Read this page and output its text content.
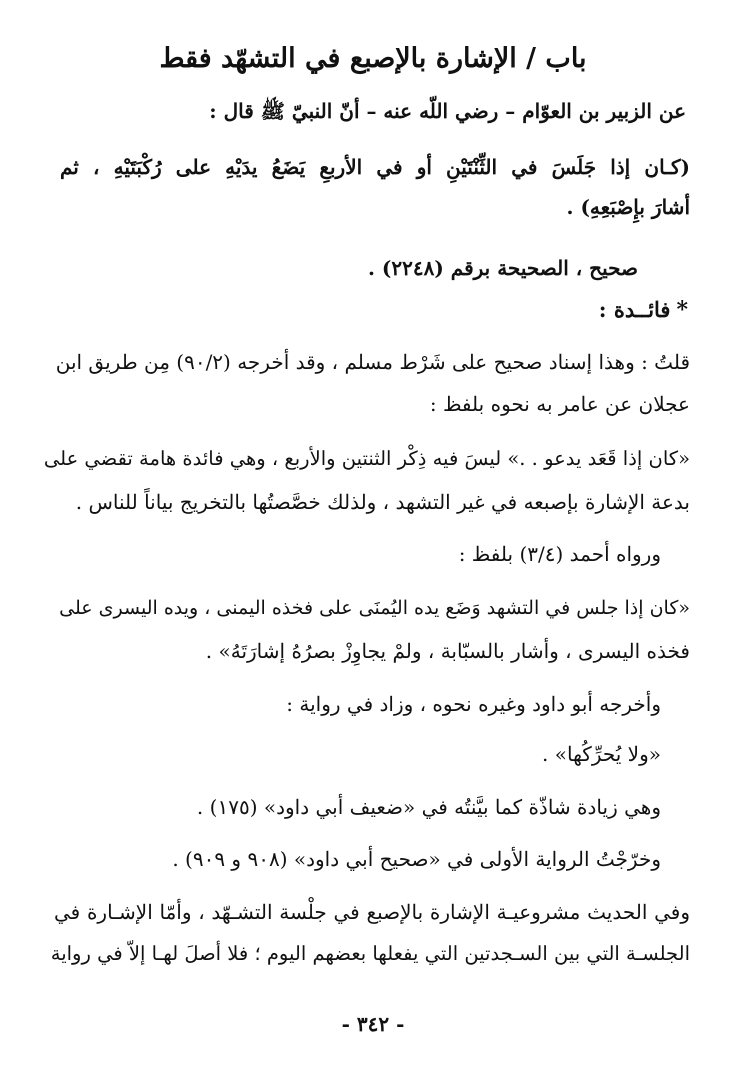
باب / الإشارة بالإصبع في التشهّد فقط
عن الزبير بن العوّام – رضي اللّه عنه – أنّ النبيّ ﷺ قال :
(كـان إذا جَلَسَ في الثِّنْتَيْنِ أو في الأربعِ يَضَعُ يدَيْهِ على رُكْبَتَيْهِ ، ثم
أشارَ بإِصْبَعِهِ) .
صحيح ، الصحيحة برقم (٢٢٤٨) .
*فائــدة :
قلتُ : وهذا إسناد صحيح على شَرْط مسلم ، وقد أخرجه (٩٠/٢) مِن طريق ابن
عجلان عن عامر به نحوه بلفظ :
«كان إذا قَعَد يدعو . .» ليسَ فيه ذِكْر الثنتين والأربع ، وهي فائدة هامة تقضي على
بدعة الإشارة بإصبعه في غير التشهد ، ولذلك خصَّصتُها بالتخريج بياناً للناس .
ورواه أحمد (٣/٤) بلفظ :
«كان إذا جلس في التشهد وَضَع يده اليُمنَى على فخذه اليمنى ، ويده اليسرى على
فخذه اليسرى ، وأشار بالسبّابة ، ولمْ يجاوِزْ بصرُهُ إشارَتَهُ» .
وأخرجه أبو داود وغيره نحوه ، وزاد في رواية :
«ولا يُحرِّكُها» .
وهي زيادة شاذّة كما بيَّنتُه في «ضعيف أبي داود» (١٧٥) .
وخرّجْتُ الرواية الأولى في «صحيح أبي داود» (٩٠٨ و ٩٠٩) .
وفي الحديث مشروعيـة الإشارة بالإصبع في جلْسة التشـهّد ، وأمّا الإشـارة في
الجلسـة التي بين السـجدتين التي يفعلها بعضهم اليوم ؛ فلا أصلَ لهـا إلاّ في رواية
- ٣٤٢ -
